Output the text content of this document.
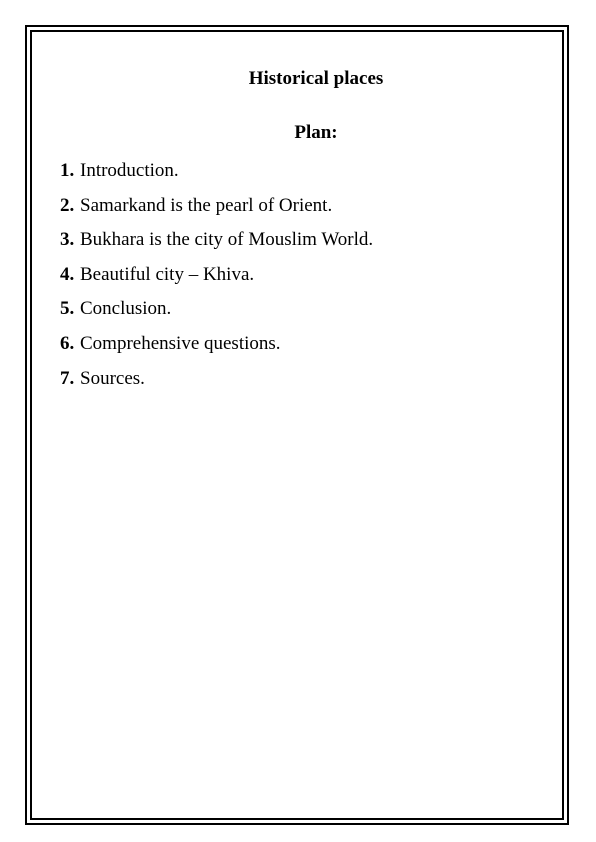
Historical places
Plan:
1. Introduction.
2. Samarkand is the pearl of Orient.
3. Bukhara is the city of Mouslim World.
4. Beautiful city – Khiva.
5. Conclusion.
6. Comprehensive questions.
7. Sources.
